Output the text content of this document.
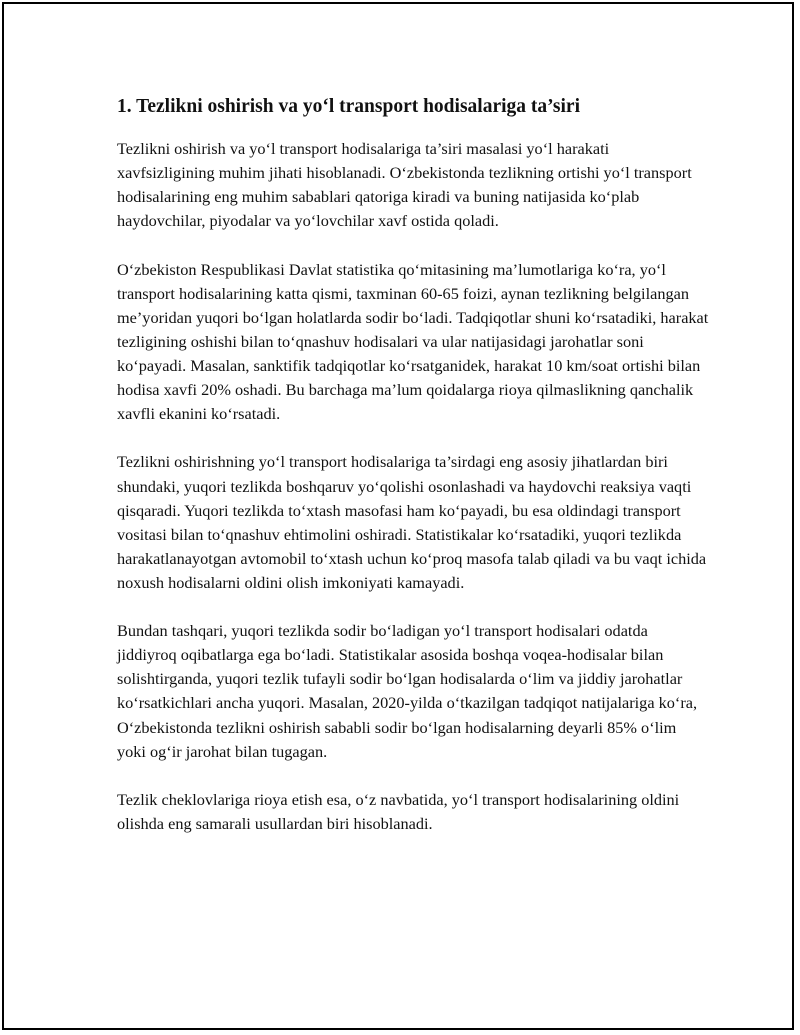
1. Tezlikni oshirish va yo‘l transport hodisalariga ta’siri

Tezlikni oshirish va yo‘l transport hodisalariga ta’siri masalasi yo‘l harakati xavfsizligining muhim jihati hisoblanadi. O‘zbekistonda tezlikning ortishi yo‘l transport hodisalarining eng muhim sabablari qatoriga kiradi va buning natijasida ko‘plab haydovchilar, piyodalar va yo‘lovchilar xavf ostida qoladi.

O‘zbekiston Respublikasi Davlat statistika qo‘mitasining ma’lumotlariga ko‘ra, yo‘l transport hodisalarining katta qismi, taxminan 60-65 foizi, aynan tezlikning belgilangan me’yoridan yuqori bo‘lgan holatlarda sodir bo‘ladi. Tadqiqotlar shuni ko‘rsatadiki, harakat tezligining oshishi bilan to‘qnashuv hodisalari va ular natijasidagi jarohatlar soni ko‘payadi. Masalan, sanktifik tadqiqotlar ko‘rsatganidek, harakat 10 km/soat ortishi bilan hodisa xavfi 20% oshadi. Bu barchaga ma’lum qoidalarga rioya qilmaslikning qanchalik xavfli ekanini ko‘rsatadi.

Tezlikni oshirishning yo‘l transport hodisalariga ta’sirdagi eng asosiy jihatlardan biri shundaki, yuqori tezlikda boshqaruv yo‘qolishi osonlashadi va haydovchi reaksiya vaqti qisqaradi. Yuqori tezlikda to‘xtash masofasi ham ko‘payadi, bu esa oldindagi transport vositasi bilan to‘qnashuv ehtimolini oshiradi. Statistikalar ko‘rsatadiki, yuqori tezlikda harakatlanayotgan avtomobil to‘xtash uchun ko‘proq masofa talab qiladi va bu vaqt ichida noxush hodisalarni oldini olish imkoniyati kamayadi.

Bundan tashqari, yuqori tezlikda sodir bo‘ladigan yo‘l transport hodisalari odatda jiddiyroq oqibatlarga ega bo‘ladi. Statistikalar asosida boshqa voqea-hodisalar bilan solishtirganda, yuqori tezlik tufayli sodir bo‘lgan hodisalarda o‘lim va jiddiy jarohatlar ko‘rsatkichlari ancha yuqori. Masalan, 2020-yilda o‘tkazilgan tadqiqot natijalariga ko‘ra, O‘zbekistonda tezlikni oshirish sababli sodir bo‘lgan hodisalarning deyarli 85% o‘lim yoki og‘ir jarohat bilan tugagan.

Tezlik cheklovlariga rioya etish esa, o‘z navbatida, yo‘l transport hodisalarining oldini olishda eng samarali usullardan biri hisoblanadi.
